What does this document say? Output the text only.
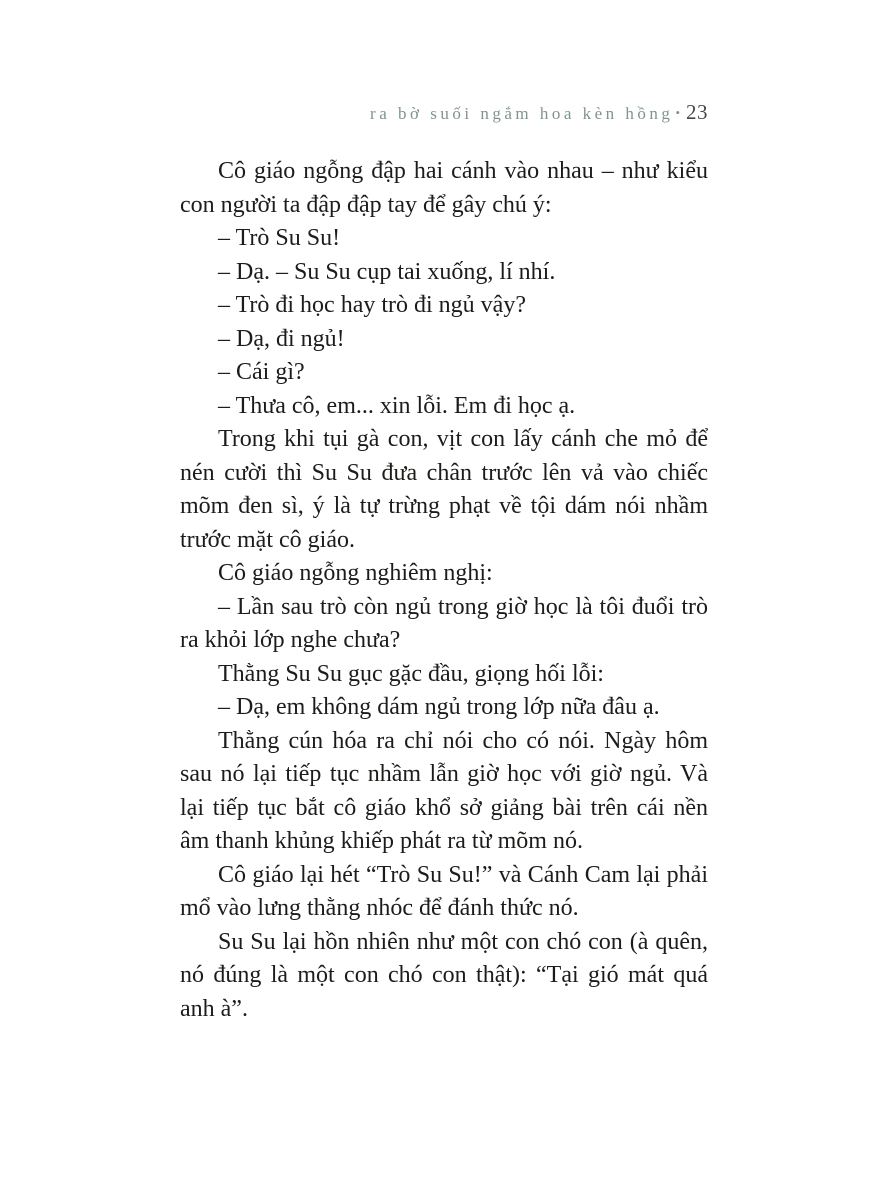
ra bờ suối ngắm hoa kèn hồng • 23

Cô giáo ngỗng đập hai cánh vào nhau – như kiểu con người ta đập đập tay để gây chú ý:

– Trò Su Su!

– Dạ. – Su Su cụp tai xuống, lí nhí.

– Trò đi học hay trò đi ngủ vậy?

– Dạ, đi ngủ!

– Cái gì?

– Thưa cô, em... xin lỗi. Em đi học ạ.

Trong khi tụi gà con, vịt con lấy cánh che mỏ để nén cười thì Su Su đưa chân trước lên vả vào chiếc mõm đen sì, ý là tự trừng phạt về tội dám nói nhầm trước mặt cô giáo.

Cô giáo ngỗng nghiêm nghị:

– Lần sau trò còn ngủ trong giờ học là tôi đuổi trò ra khỏi lớp nghe chưa?

Thằng Su Su gục gặc đầu, giọng hối lỗi:

– Dạ, em không dám ngủ trong lớp nữa đâu ạ.

Thằng cún hóa ra chỉ nói cho có nói. Ngày hôm sau nó lại tiếp tục nhầm lẫn giờ học với giờ ngủ. Và lại tiếp tục bắt cô giáo khổ sở giảng bài trên cái nền âm thanh khủng khiếp phát ra từ mõm nó.

Cô giáo lại hét “Trò Su Su!” và Cánh Cam lại phải mổ vào lưng thằng nhóc để đánh thức nó.

Su Su lại hồn nhiên như một con chó con (à quên, nó đúng là một con chó con thật): “Tại gió mát quá anh à”.
